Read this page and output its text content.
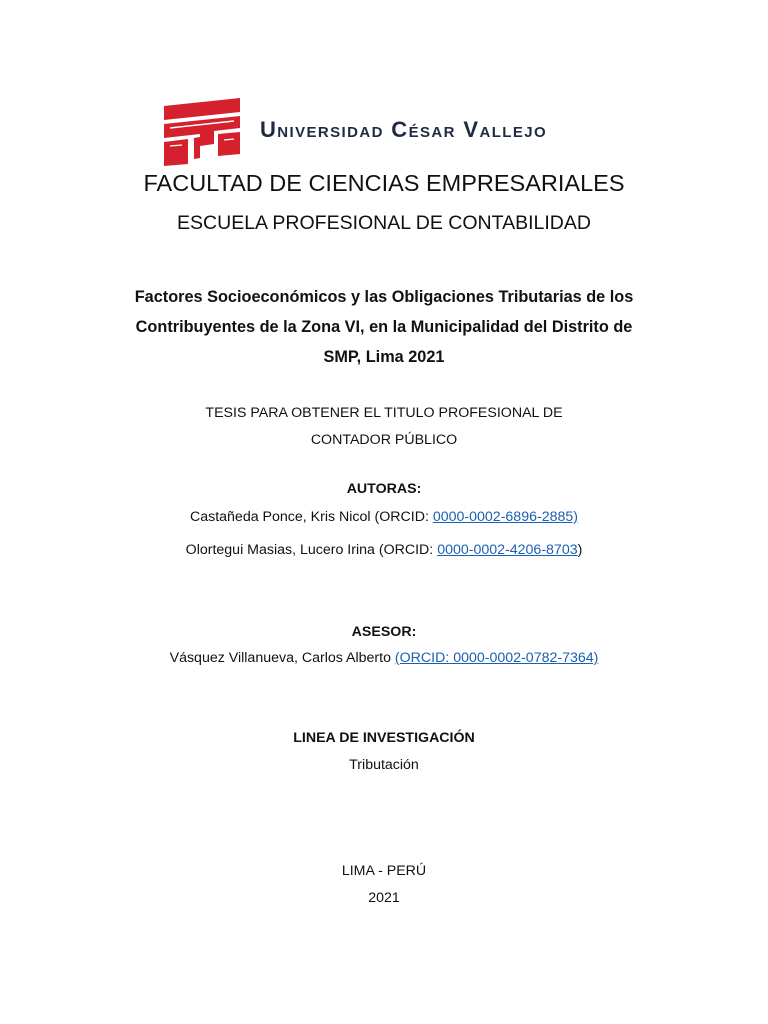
Universidad César Vallejo
FACULTAD DE CIENCIAS EMPRESARIALES
ESCUELA PROFESIONAL DE CONTABILIDAD
Factores Socioeconómicos y las Obligaciones Tributarias de los
Contribuyentes de la Zona VI, en la Municipalidad del Distrito de
SMP, Lima 2021
TESIS PARA OBTENER EL TITULO PROFESIONAL DE
CONTADOR PÚBLICO
AUTORAS:
Castañeda Ponce, Kris Nicol (ORCID: 0000-0002-6896-2885)
Olortegui Masias, Lucero Irina (ORCID: 0000-0002-4206-8703)
ASESOR:
Vásquez Villanueva, Carlos Alberto (ORCID: 0000-0002-0782-7364)
LINEA DE INVESTIGACIÓN
Tributación
LIMA - PERÚ
2021
